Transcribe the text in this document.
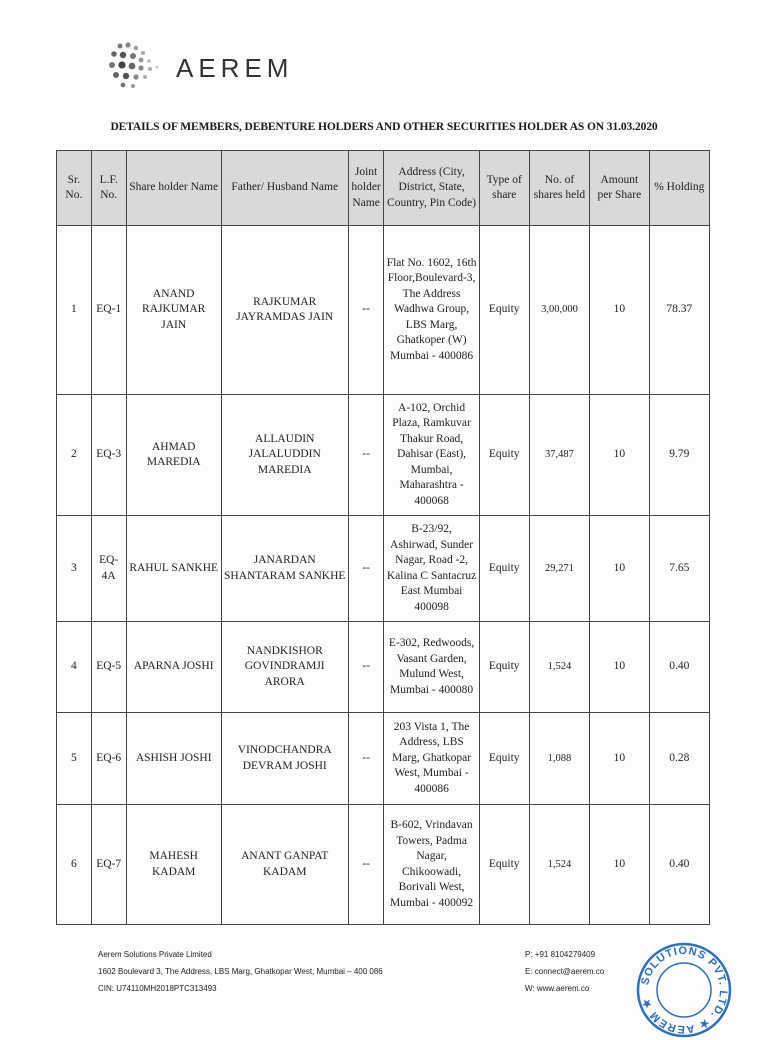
AEREM
DETAILS OF MEMBERS, DEBENTURE HOLDERS AND OTHER SECURITIES HOLDER AS ON 31.03.2020
Sr. No.	L.F. No.	Share holder Name	Father/ Husband Name	Joint holder Name	Address (City, District, State, Country, Pin Code)	Type of share	No. of shares held	Amount per Share	% Holding
1	EQ-1	ANAND RAJKUMAR JAIN	RAJKUMAR JAYRAMDAS JAIN	--	Flat No. 1602, 16th Floor,Boulevard-3, The Address Wadhwa Group, LBS Marg, Ghatkoper (W) Mumbai - 400086	Equity	3,00,000	10	78.37
2	EQ-3	AHMAD MAREDIA	ALLAUDIN JALALUDDIN MAREDIA	--	A-102, Orchid Plaza, Ramkuvar Thakur Road, Dahisar (East), Mumbai, Maharashtra - 400068	Equity	37,487	10	9.79
3	EQ-4A	RAHUL SANKHE	JANARDAN SHANTARAM SANKHE	--	B-23/92, Ashirwad, Sunder Nagar, Road -2, Kalina C Santacruz East Mumbai 400098	Equity	29,271	10	7.65
4	EQ-5	APARNA JOSHI	NANDKISHOR GOVINDRAMJI ARORA	--	E-302, Redwoods, Vasant Garden, Mulund West, Mumbai - 400080	Equity	1,524	10	0.40
5	EQ-6	ASHISH JOSHI	VINODCHANDRA DEVRAM JOSHI	--	203 Vista 1, The Address, LBS Marg, Ghatkopar West, Mumbai - 400086	Equity	1,088	10	0.28
6	EQ-7	MAHESH KADAM	ANANT GANPAT KADAM	--	B-602, Vrindavan Towers, Padma Nagar, Chikoowadi, Borivali West, Mumbai - 400092	Equity	1,524	10	0.40
Aerem Solutions Private Limited
1602 Boulevard 3, The Address, LBS Marg, Ghatkopar West, Mumbai – 400 086
CIN: U74110MH2018PTC313493
P: +91 8104279409
E: connect@aerem.co
W: www.aerem.co
SOLUTIONS PVT. LTD. ★ AEREM ★
